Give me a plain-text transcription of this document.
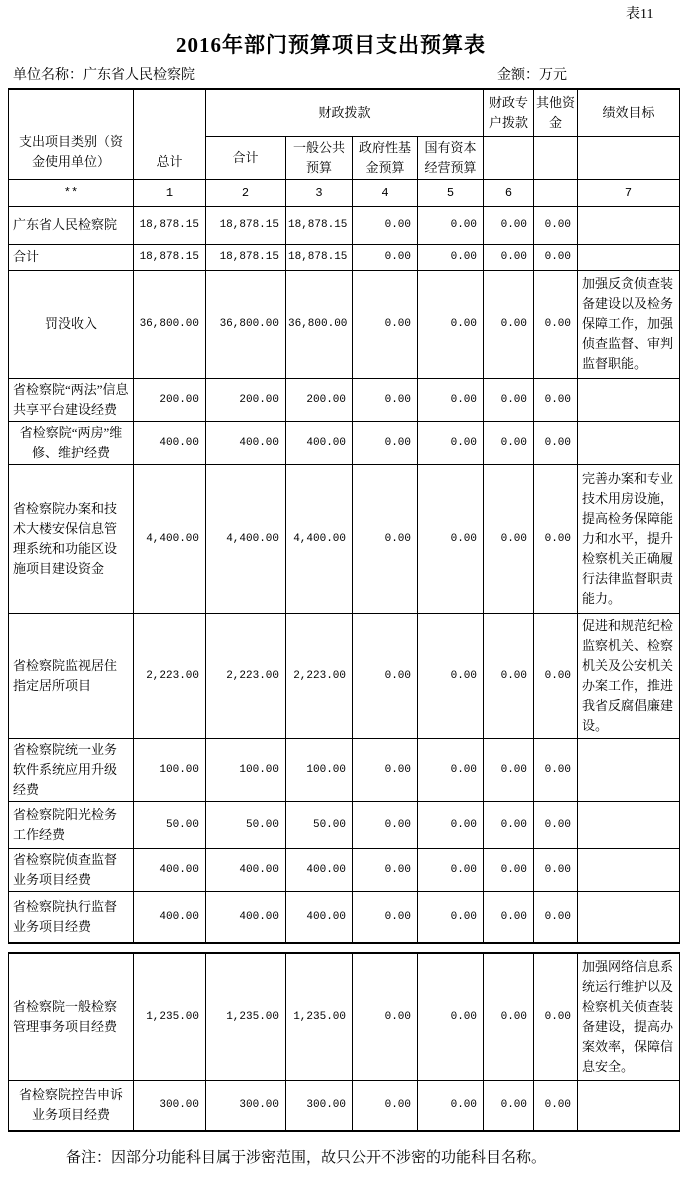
表11
2016年部门预算项目支出预算表
单位名称：广东省人民检察院	金额：万元
支出项目类别（资金使用单位）	总计	财政拨款				财政专户拨款	其他资金	绩效目标
		合计	一般公共预算	政府性基金预算	国有资本经营预算			
**	1	2	3	4	5	6		7
广东省人民检察院	18,878.15	18,878.15	18,878.15	0.00	0.00	0.00	0.00	
合计	18,878.15	18,878.15	18,878.15	0.00	0.00	0.00	0.00	
罚没收入	36,800.00	36,800.00	36,800.00	0.00	0.00	0.00	0.00	加强反贪侦查装备建设以及检务保障工作，加强侦查监督、审判监督职能。
省检察院“两法”信息共享平台建设经费	200.00	200.00	200.00	0.00	0.00	0.00	0.00	
省检察院“两房”维修、维护经费	400.00	400.00	400.00	0.00	0.00	0.00	0.00	
省检察院办案和技术大楼安保信息管理系统和功能区设施项目建设资金	4,400.00	4,400.00	4,400.00	0.00	0.00	0.00	0.00	完善办案和专业技术用房设施，提高检务保障能力和水平，提升检察机关正确履行法律监督职责能力。
省检察院监视居住指定居所项目	2,223.00	2,223.00	2,223.00	0.00	0.00	0.00	0.00	促进和规范纪检监察机关、检察机关及公安机关办案工作，推进我省反腐倡廉建设。
省检察院统一业务软件系统应用升级经费	100.00	100.00	100.00	0.00	0.00	0.00	0.00	
省检察院阳光检务工作经费	50.00	50.00	50.00	0.00	0.00	0.00	0.00	
省检察院侦查监督业务项目经费	400.00	400.00	400.00	0.00	0.00	0.00	0.00	
省检察院执行监督业务项目经费	400.00	400.00	400.00	0.00	0.00	0.00	0.00	
省检察院一般检察管理事务项目经费	1,235.00	1,235.00	1,235.00	0.00	0.00	0.00	0.00	加强网络信息系统运行维护以及检察机关侦查装备建设，提高办案效率，保障信息安全。
省检察院控告申诉业务项目经费	300.00	300.00	300.00	0.00	0.00	0.00	0.00	
备注：因部分功能科目属于涉密范围，故只公开不涉密的功能科目名称。
